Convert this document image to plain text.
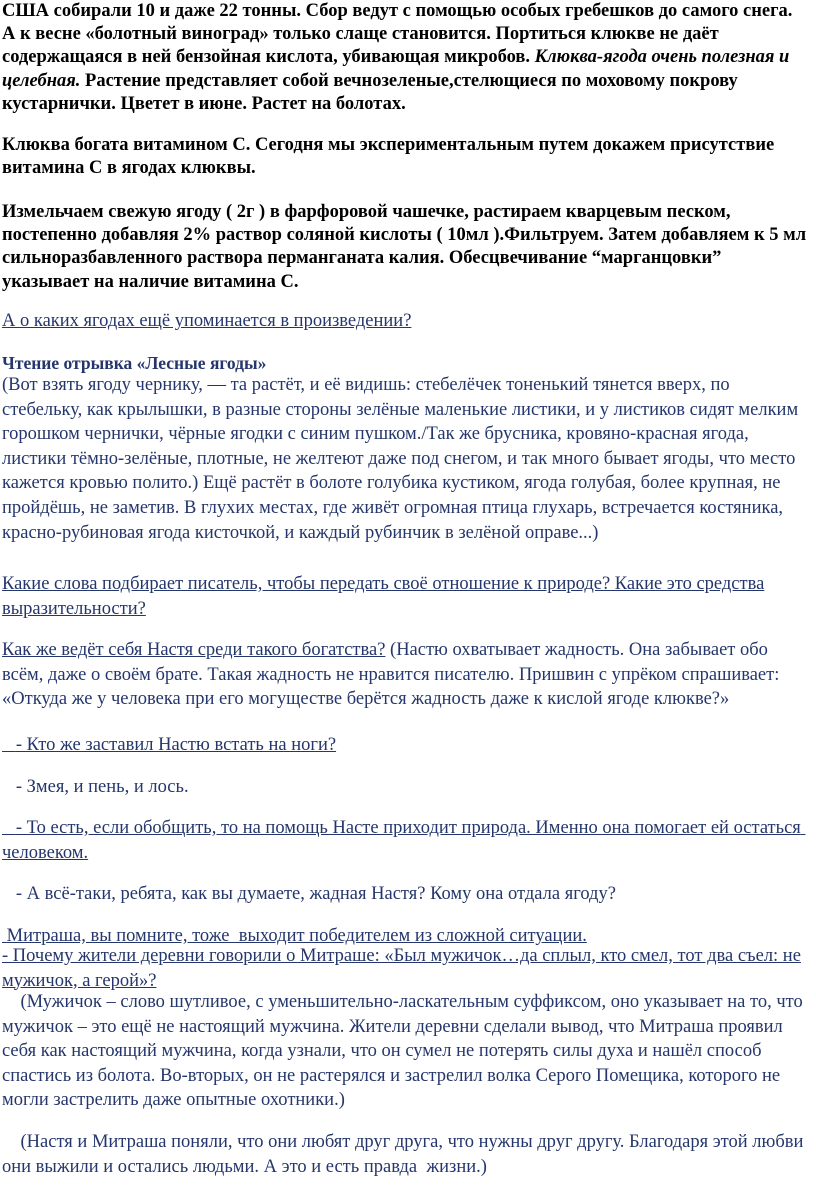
США собирали 10 и даже 22 тонны. Сбор ведут с помощью особых гребешков до самого снега. А к весне «болотный виноград» только слаще становится. Портиться клюкве не даёт содержащаяся в ней бензойная кислота, убивающая микробов. Клюква-ягода очень полезная и целебная. Растение представляет собой вечнозеленые,стелющиеся по моховому покрову кустарнички. Цветет в июне. Растет на болотах.

Клюква богата витамином С. Сегодня мы экспериментальным путем докажем присутствие витамина С в ягодах клюквы.

Измельчаем свежую ягоду ( 2г ) в фарфоровой чашечке, растираем кварцевым песком, постепенно добавляя 2% раствор соляной кислоты ( 10мл ).Фильтруем. Затем добавляем к 5 мл сильноразбавленного раствора перманганата калия. Обесцвечивание “марганцовки” указывает на наличие витамина С.

А о каких ягодах ещё упоминается в произведении?

Чтение отрывка «Лесные ягоды»

(Вот взять ягоду чернику, — та растёт, и её видишь: стебелёчек тоненький тянется вверх, по стебельку, как крылышки, в разные стороны зелёные маленькие листики, и у листиков сидят мелким горошком чернички, чёрные ягодки с синим пушком./Так же брусника, кровяно-красная ягода, листики тёмно-зелёные, плотные, не желтеют даже под снегом, и так много бывает ягоды, что место кажется кровью полито.) Ещё растёт в болоте голубика кустиком, ягода голубая, более крупная, не пройдёшь, не заметив. В глухих местах, где живёт огромная птица глухарь, встречается костяника, красно-рубиновая ягода кисточкой, и каждый рубинчик в зелёной оправе...)

Какие слова подбирает писатель, чтобы передать своё отношение к природе? Какие это средства выразительности?

Как же ведёт себя Настя среди такого богатства? (Настю охватывает жадность. Она забывает обо всём, даже о своём брате. Такая жадность не нравится писателю. Пришвин с упрёком спрашивает: «Откуда же у человека при его могуществе берётся жадность даже к кислой ягоде клюкве?»

- Кто же заставил Настю встать на ноги?

- Змея, и пень, и лось.

- То есть, если обобщить, то на помощь Насте приходит природа. Именно она помогает ей остаться человеком.

- А всё-таки, ребята, как вы думаете, жадная Настя? Кому она отдала ягоду?

Митраша, вы помните, тоже  выходит победителем из сложной ситуации.

- Почему жители деревни говорили о Митраше: «Был мужичок…да сплыл, кто смел, тот два съел: не мужичок, а герой»?

(Мужичок – слово шутливое, с уменьшительно-ласкательным суффиксом, оно указывает на то, что мужичок – это ещё не настоящий мужчина. Жители деревни сделали вывод, что Митраша проявил себя как настоящий мужчина, когда узнали, что он сумел не потерять силы духа и нашёл способ спастись из болота. Во-вторых, он не растерялся и застрелил волка Серого Помещика, которого не могли застрелить даже опытные охотники.)

(Настя и Митраша поняли, что они любят друг друга, что нужны друг другу. Благодаря этой любви они выжили и остались людьми. А это и есть правда  жизни.)
